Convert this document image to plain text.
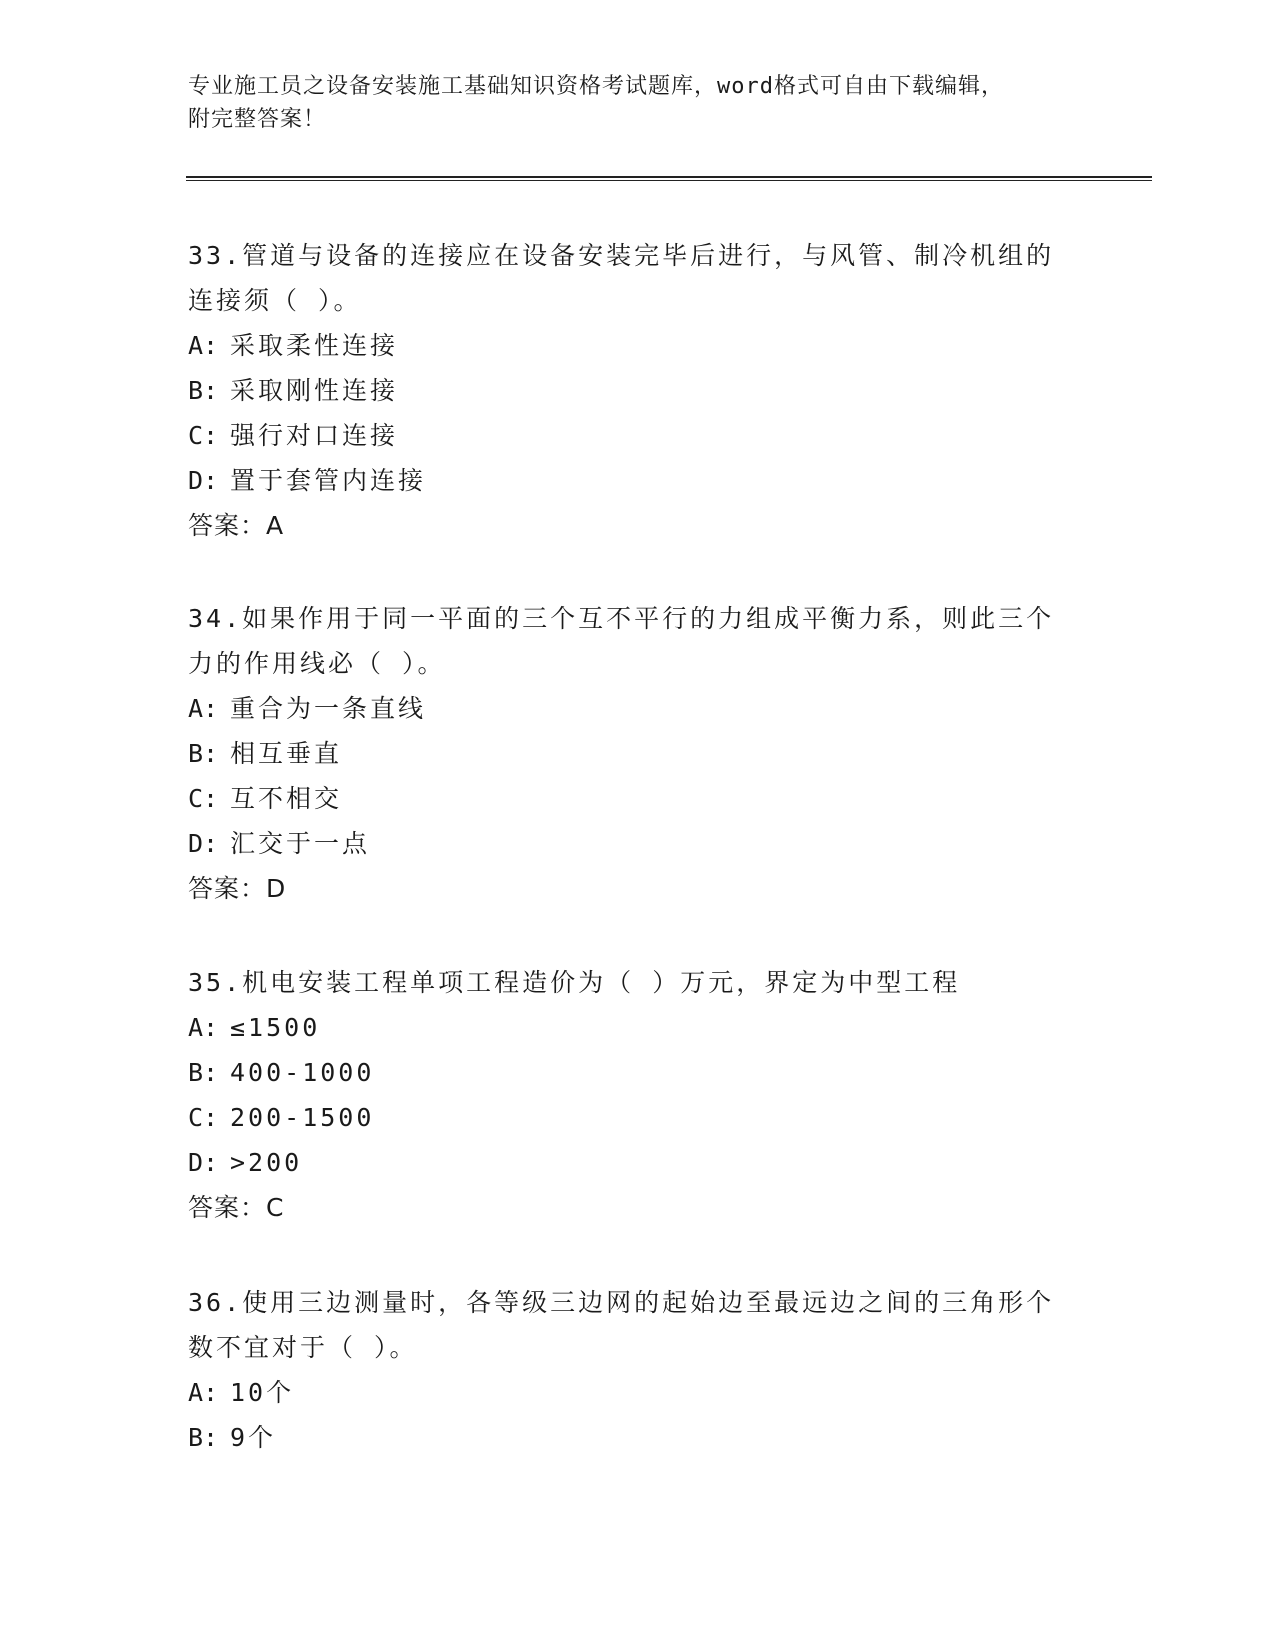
专业施工员之设备安装施工基础知识资格考试题库，word格式可自由下载编辑，
附完整答案！
33.管道与设备的连接应在设备安装完毕后进行，与风管、制冷机组的
连接须（ ）。
A: 采取柔性连接
B: 采取刚性连接
C: 强行对口连接
D: 置于套管内连接
答案：A
34.如果作用于同一平面的三个互不平行的力组成平衡力系，则此三个
力的作用线必（ ）。
A: 重合为一条直线
B: 相互垂直
C: 互不相交
D: 汇交于一点
答案：D
35.机电安装工程单项工程造价为（ ）万元，界定为中型工程
A: ≤1500
B: 400-1000
C: 200-1500
D: >200
答案：C
36.使用三边测量时，各等级三边网的起始边至最远边之间的三角形个
数不宜对于（ ）。
A: 10个
B: 9个
